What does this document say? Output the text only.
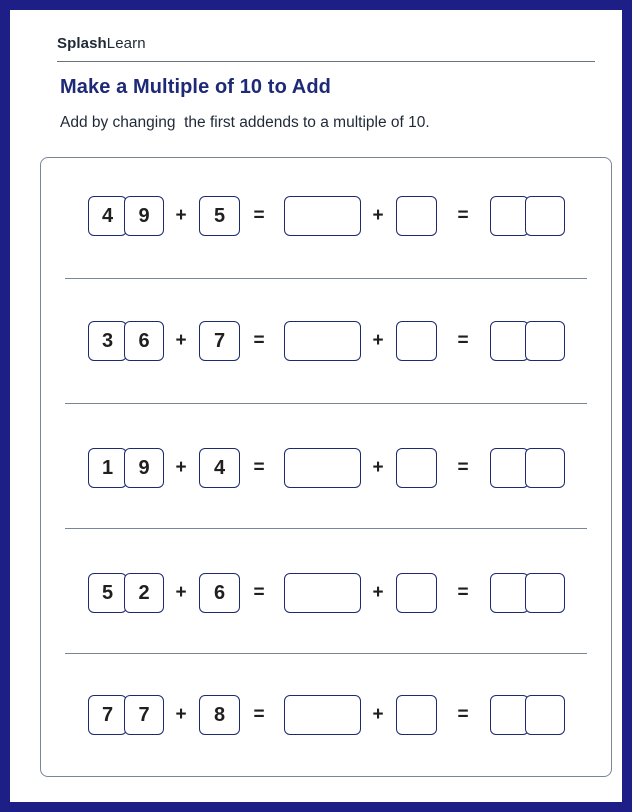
SplashLearn
Make a Multiple of 10 to Add
Add by changing  the first addends to a multiple of 10.
4	9	+	5	=	+	=
3	6	+	7	=	+	=
1	9	+	4	=	+	=
5	2	+	6	=	+	=
7	7	+	8	=	+	=
